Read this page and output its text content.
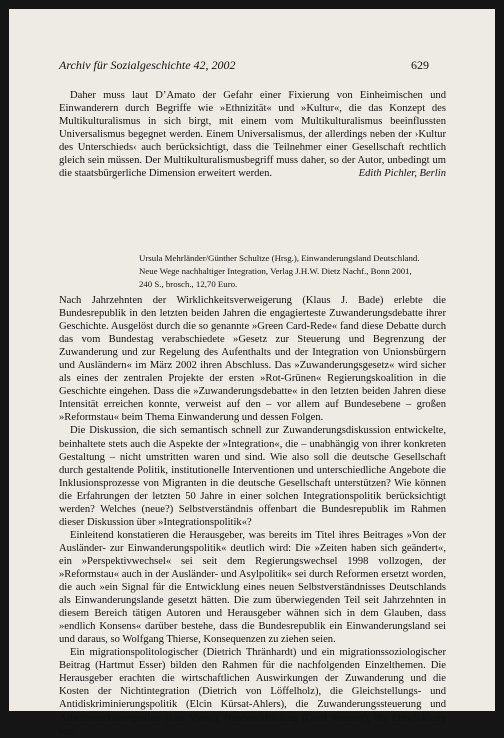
Archiv für Sozialgeschichte 42, 2002	629

Daher muss laut D’Amato der Gefahr einer Fixierung von Einheimischen und Einwanderern durch Begriffe wie »Ethnizität« und »Kultur«, die das Konzept des Multikulturalismus in sich birgt, mit einem vom Multikulturalismus beeinflussten Universalismus begegnet werden. Einem Universalismus, der allerdings neben der ›Kultur des Unterschieds‹ auch berücksichtigt, dass die Teilnehmer einer Gesellschaft rechtlich gleich sein müssen. Der Multikulturalismusbegriff muss daher, so der Autor, unbedingt um die staatsbürgerliche Dimension erweitert werden.	Edith Pichler, Berlin

Ursula Mehrländer/Günther Schultze (Hrsg.), Einwanderungsland Deutschland.

Neue Wege nachhaltiger Integration, Verlag J.H.W. Dietz Nachf., Bonn 2001,

240 S., brosch., 12,70 Euro.

Nach Jahrzehnten der Wirklichkeitsverweigerung (Klaus J. Bade) erlebte die Bundesrepublik in den letzten beiden Jahren die engagierteste Zuwanderungsdebatte ihrer Geschichte. Ausgelöst durch die so genannte »Green Card-Rede« fand diese Debatte durch das vom Bundestag verabschiedete »Gesetz zur Steuerung und Begrenzung der Zuwanderung und zur Regelung des Aufenthalts und der Integration von Unionsbürgern und Ausländern« im März 2002 ihren Abschluss. Das »Zuwanderungsgesetz« wird sicher als eines der zentralen Projekte der ersten »Rot-Grünen« Regierungskoalition in die Geschichte eingehen. Dass die »Zuwanderungsdebatte« in den letzten beiden Jahren diese Intensität erreichen konnte, verweist auf den – vor allem auf Bundesebene – großen »Reformstau« beim Thema Einwanderung und dessen Folgen.

Die Diskussion, die sich semantisch schnell zur Zuwanderungsdiskussion entwickelte, beinhaltete stets auch die Aspekte der »Integration«, die – unabhängig von ihrer konkreten Gestaltung – nicht umstritten waren und sind. Wie also soll die deutsche Gesellschaft durch gestaltende Politik, institutionelle Interventionen und unterschiedliche Angebote die Inklusionsprozesse von Migranten in die deutsche Gesellschaft unterstützen? Wie können die Erfahrungen der letzten 50 Jahre in einer solchen Integrationspolitik berücksichtigt werden? Welches (neue?) Selbstverständnis offenbart die Bundesrepublik im Rahmen dieser Diskussion über »Integrationspolitik«?

Einleitend konstatieren die Herausgeber, was bereits im Titel ihres Beitrages »Von der Ausländer- zur Einwanderungspolitik« deutlich wird: Die »Zeiten haben sich geändert«, ein »Perspektivwechsel« sei seit dem Regierungswechsel 1998 vollzogen, der »Reformstau« auch in der Ausländer- und Asylpolitik« sei durch Reformen ersetzt worden, die auch »ein Signal für die Entwicklung eines neuen Selbstverständnisses Deutschlands als Einwanderungslande gesetzt hätten. Die zum überwiegenden Teil seit Jahrzehnten in diesem Bereich tätigen Autoren und Herausgeber wähnen sich in dem Glauben, dass »endlich Konsens« darüber bestehe, dass die Bundesrepublik ein Einwanderungsland sei und daraus, so Wolfgang Thierse, Konsequenzen zu ziehen seien.

Ein migrationspolitologischer (Dietrich Thränhardt) und ein migrationssoziologischer Beitrag (Hartmut Esser) bilden den Rahmen für die nachfolgenden Einzelthemen. Die Herausgeber erachten die wirtschaftlichen Auswirkungen der Zuwanderung und die Kosten der Nichtintegration (Dietrich von Löffelholz), die Gleichstellungs- und Antidiskriminierungspolitik (Elcin Kürsat-Ahlers), die Zuwanderungssteuerung und Arbeitsmarktintegration (Leo Monz), Netzwerkbildung (Gerd Strasser), die Entwicklung von
